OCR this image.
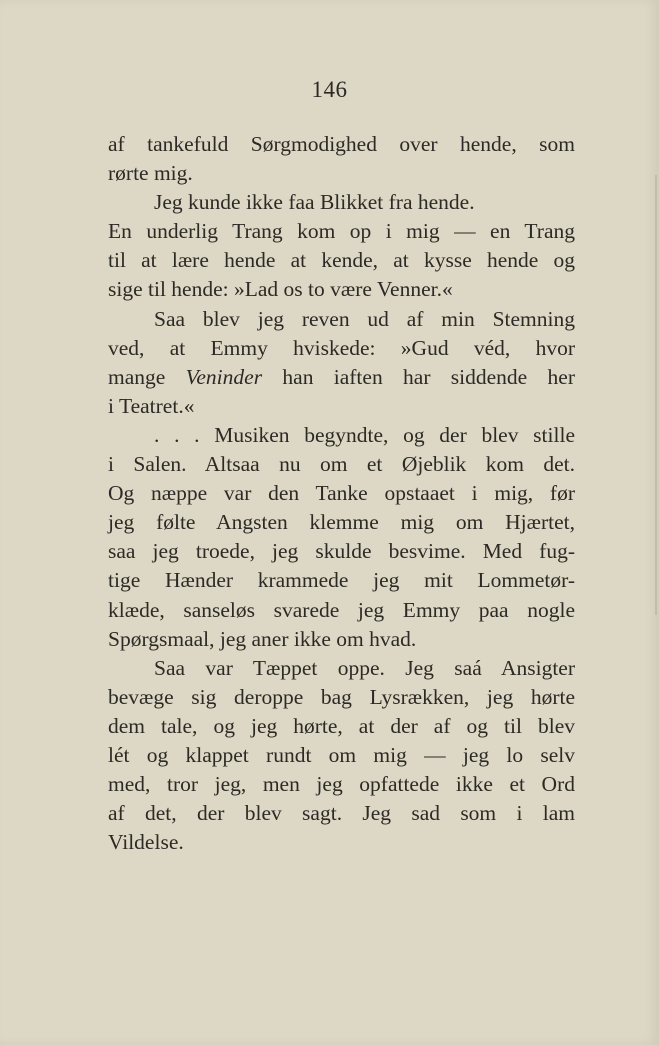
146
af tankefuld Sørgmodighed over hende, som
rørte mig.
Jeg kunde ikke faa Blikket fra hende.
En underlig Trang kom op i mig — en Trang
til at lære hende at kende, at kysse hende og
sige til hende: »Lad os to være Venner.«
Saa blev jeg reven ud af min Stemning
ved, at Emmy hviskede: »Gud véd, hvor
mange Veninder han iaften har siddende her
i Teatret.«
. . . Musiken begyndte, og der blev stille
i Salen. Altsaa nu om et Øjeblik kom det.
Og næppe var den Tanke opstaaet i mig, før
jeg følte Angsten klemme mig om Hjærtet,
saa jeg troede, jeg skulde besvime. Med fug-
tige Hænder krammede jeg mit Lommetør-
klæde, sanseløs svarede jeg Emmy paa nogle
Spørgsmaal, jeg aner ikke om hvad.
Saa var Tæppet oppe. Jeg saá Ansigter
bevæge sig deroppe bag Lysrækken, jeg hørte
dem tale, og jeg hørte, at der af og til blev
lét og klappet rundt om mig — jeg lo selv
med, tror jeg, men jeg opfattede ikke et Ord
af det, der blev sagt. Jeg sad som i lam
Vildelse.
